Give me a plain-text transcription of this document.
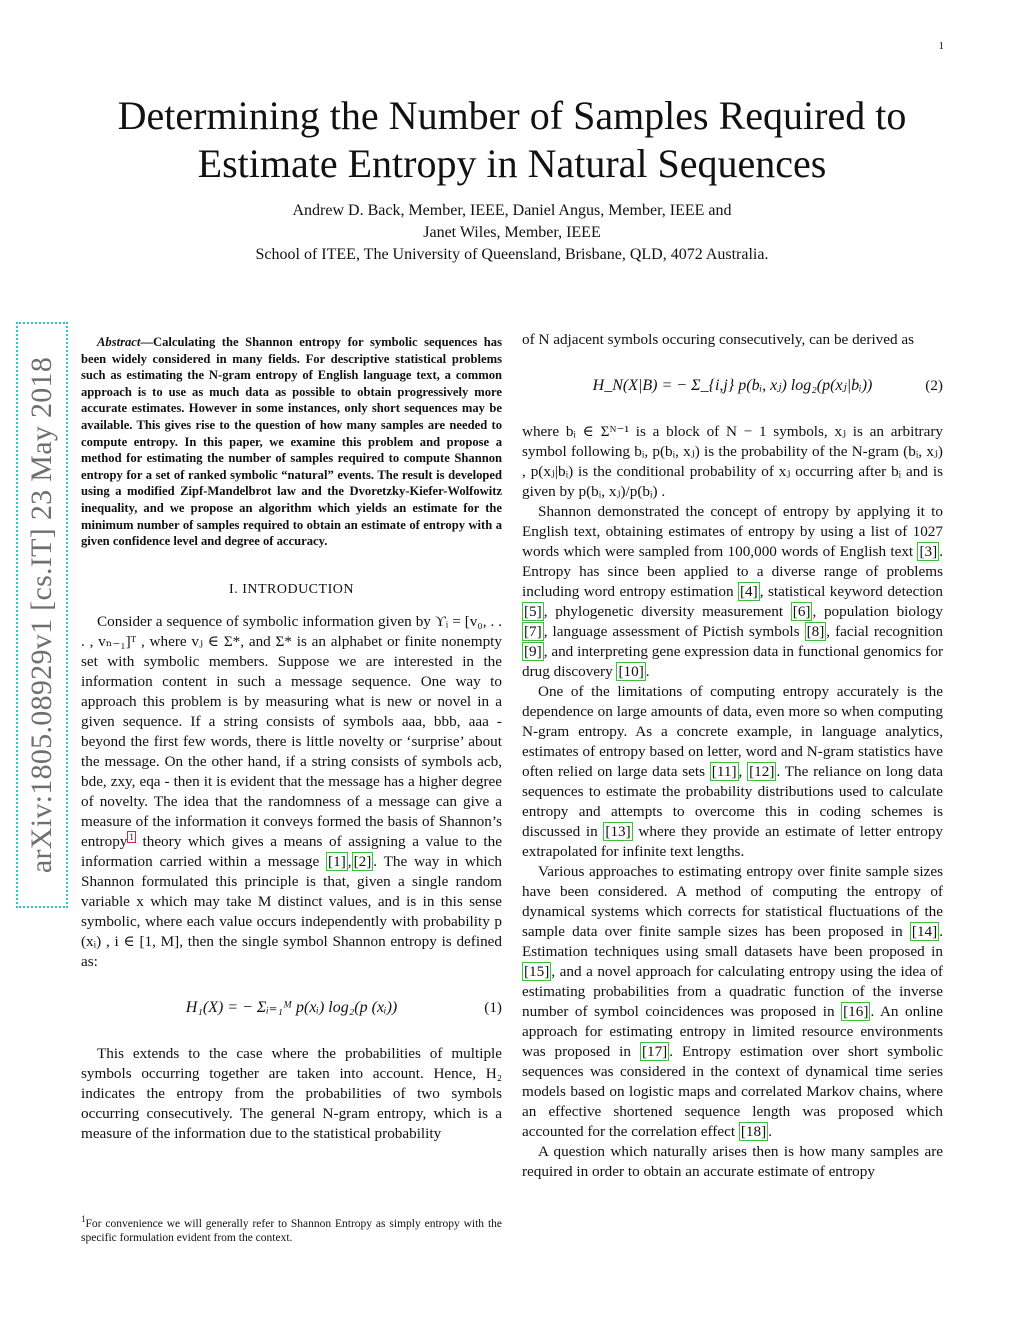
1
arXiv:1805.08929v1 [cs.IT] 23 May 2018
Determining the Number of Samples Required to Estimate Entropy in Natural Sequences
Andrew D. Back, Member, IEEE, Daniel Angus, Member, IEEE and
Janet Wiles, Member, IEEE
School of ITEE, The University of Queensland, Brisbane, QLD, 4072 Australia.

Abstract—Calculating the Shannon entropy for symbolic sequences has been widely considered in many fields. For descriptive statistical problems such as estimating the N-gram entropy of English language text, a common approach is to use as much data as possible to obtain progressively more accurate estimates. However in some instances, only short sequences may be available. This gives rise to the question of how many samples are needed to compute entropy. In this paper, we examine this problem and propose a method for estimating the number of samples required to compute Shannon entropy for a set of ranked symbolic “natural” events. The result is developed using a modified Zipf-Mandelbrot law and the Dvoretzky-Kiefer-Wolfowitz inequality, and we propose an algorithm which yields an estimate for the minimum number of samples required to obtain an estimate of entropy with a given confidence level and degree of accuracy.

I. INTRODUCTION

Consider a sequence of symbolic information given by ϒᵢ = [v₀, . . . , vₙ₋₁]ᵀ , where vⱼ ∈ Σ*, and Σ* is an alphabet or finite nonempty set with symbolic members. Suppose we are interested in the information content in such a message sequence. One way to approach this problem is by measuring what is new or novel in a given sequence. If a string consists of symbols aaa, bbb, aaa - beyond the first few words, there is little novelty or ‘surprise’ about the message. On the other hand, if a string consists of symbols acb, bde, zxy, eqa - then it is evident that the message has a higher degree of novelty. The idea that the randomness of a message can give a measure of the information it conveys formed the basis of Shannon’s entropy $^1$ theory which gives a means of assigning a value to the information carried within a message [1] , [2] . The way in which Shannon formulated this principle is that, given a single random variable x which may take M distinct values, and is in this sense symbolic, where each value occurs independently with probability p (xᵢ) , i ∈ [1, M], then the single symbol Shannon entropy is defined as:

H₁(X) = − Σᵢ₌₁ᴹ p(xᵢ) log₂(p (xᵢ))	(1)

This extends to the case where the probabilities of multiple symbols occurring together are taken into account. Hence, H₂ indicates the entropy from the probabilities of two symbols occurring consecutively. The general N-gram entropy, which is a measure of the information due to the statistical probability

$^1$For convenience we will generally refer to Shannon Entropy as simply entropy with the specific formulation evident from the context.

of N adjacent symbols occuring consecutively, can be derived as

H_N(X|B) = − Σ_{i,j} p(bᵢ, xⱼ) log₂(p(xⱼ|bᵢ))	(2)

where bᵢ ∈ Σᴺ⁻¹ is a block of N − 1 symbols, xⱼ is an arbitrary symbol following bᵢ, p(bᵢ, xⱼ) is the probability of the N-gram (bᵢ, xⱼ) , p(xⱼ|bᵢ) is the conditional probability of xⱼ occurring after bᵢ and is given by p(bᵢ, xⱼ)/p(bᵢ) .

Shannon demonstrated the concept of entropy by applying it to English text, obtaining estimates of entropy by using a list of 1027 words which were sampled from 100,000 words of English text [3] . Entropy has since been applied to a diverse range of problems including word entropy estimation [4] , statistical keyword detection [5] , phylogenetic diversity measurement [6] , population biology [7] , language assessment of Pictish symbols [8] , facial recognition [9] , and interpreting gene expression data in functional genomics for drug discovery [10] .

One of the limitations of computing entropy accurately is the dependence on large amounts of data, even more so when computing N-gram entropy. As a concrete example, in language analytics, estimates of entropy based on letter, word and N-gram statistics have often relied on large data sets [11] , [12] . The reliance on long data sequences to estimate the probability distributions used to calculate entropy and attempts to overcome this in coding schemes is discussed in [13] where they provide an estimate of letter entropy extrapolated for infinite text lengths.

Various approaches to estimating entropy over finite sample sizes have been considered. A method of computing the entropy of dynamical systems which corrects for statistical fluctuations of the sample data over finite sample sizes has been proposed in [14] . Estimation techniques using small datasets have been proposed in [15] , and a novel approach for calculating entropy using the idea of estimating probabilities from a quadratic function of the inverse number of symbol coincidences was proposed in [16] . An online approach for estimating entropy in limited resource environments was proposed in [17] . Entropy estimation over short symbolic sequences was considered in the context of dynamical time series models based on logistic maps and correlated Markov chains, where an effective shortened sequence length was proposed which accounted for the correlation effect [18] .

A question which naturally arises then is how many samples are required in order to obtain an accurate estimate of entropy
